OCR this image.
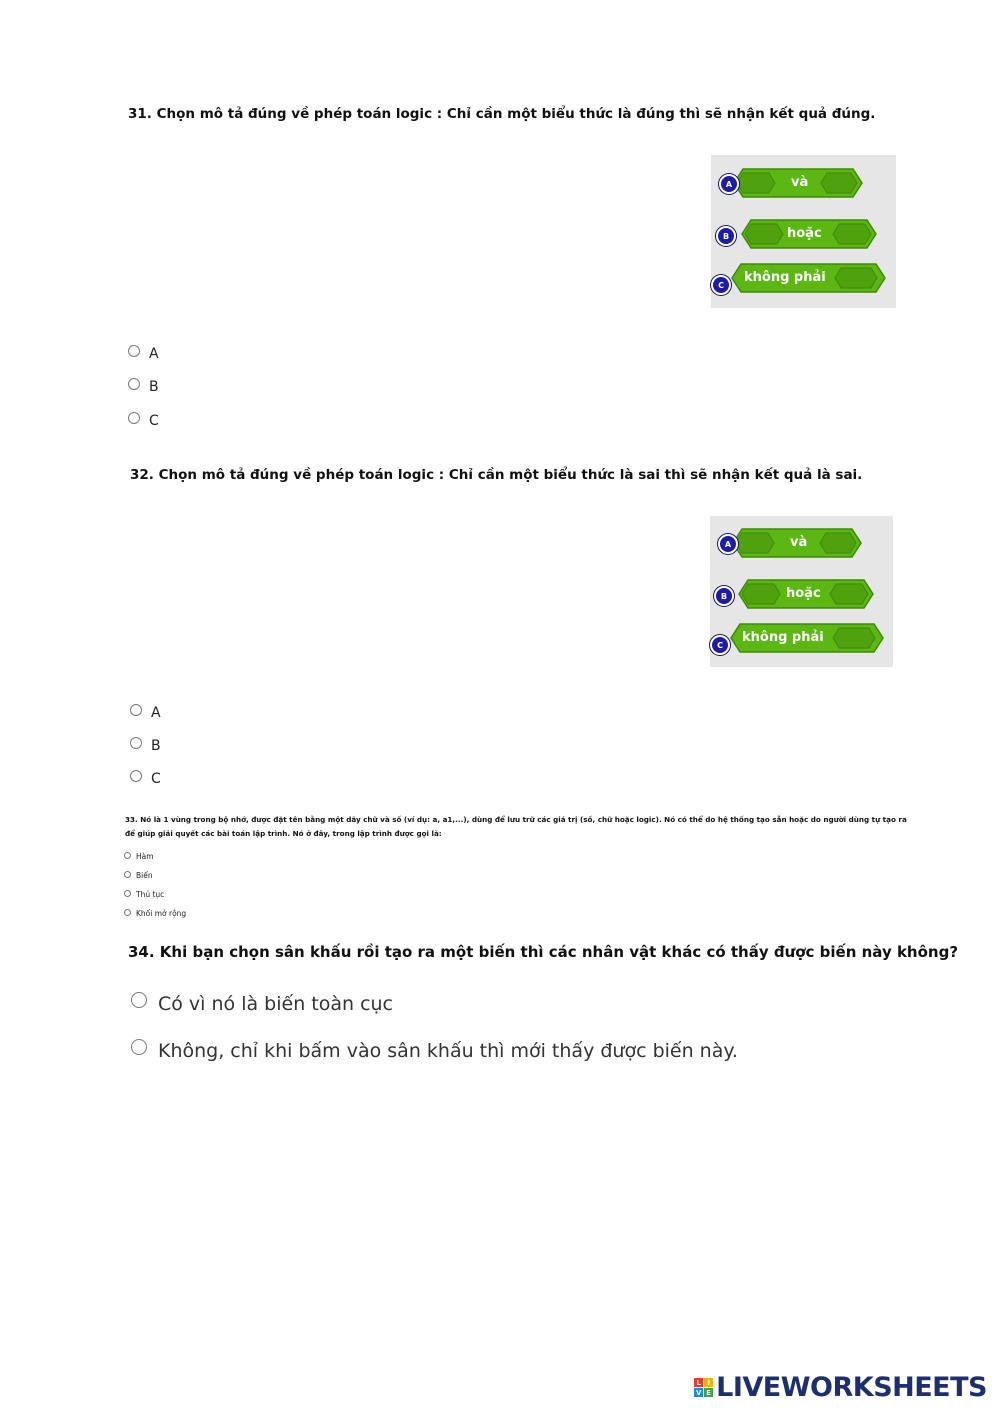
31. Chọn mô tả đúng về phép toán logic : Chỉ cần một biểu thức là đúng thì sẽ nhận kết quả đúng.
và
A
hoặc
B
không phải
C
A
B
C
32. Chọn mô tả đúng về phép toán logic : Chỉ cần một biểu thức là sai thì sẽ nhận kết quả là sai.
và
A
hoặc
B
không phải
C
A
B
C
33. Nó là 1 vùng trong bộ nhớ, được đặt tên bằng một dãy chữ và số (ví dụ: a, a1,...), dùng để lưu trữ các giá trị (số, chữ hoặc logic). Nó có thể do hệ thống tạo sẵn hoặc do người dùng tự tạo ra để giúp giải quyết các bài toán lập trình. Nó ở đây, trong lập trình được gọi là:
Hàm
Biến
Thủ tục
Khối mở rộng
34. Khi bạn chọn sân khấu rồi tạo ra một biến thì các nhân vật khác có thấy được biến này không?
Có vì nó là biến toàn cục
Không, chỉ khi bấm vào sân khấu thì mới thấy được biến này.
L I
V E LIVEWORKSHEETS
